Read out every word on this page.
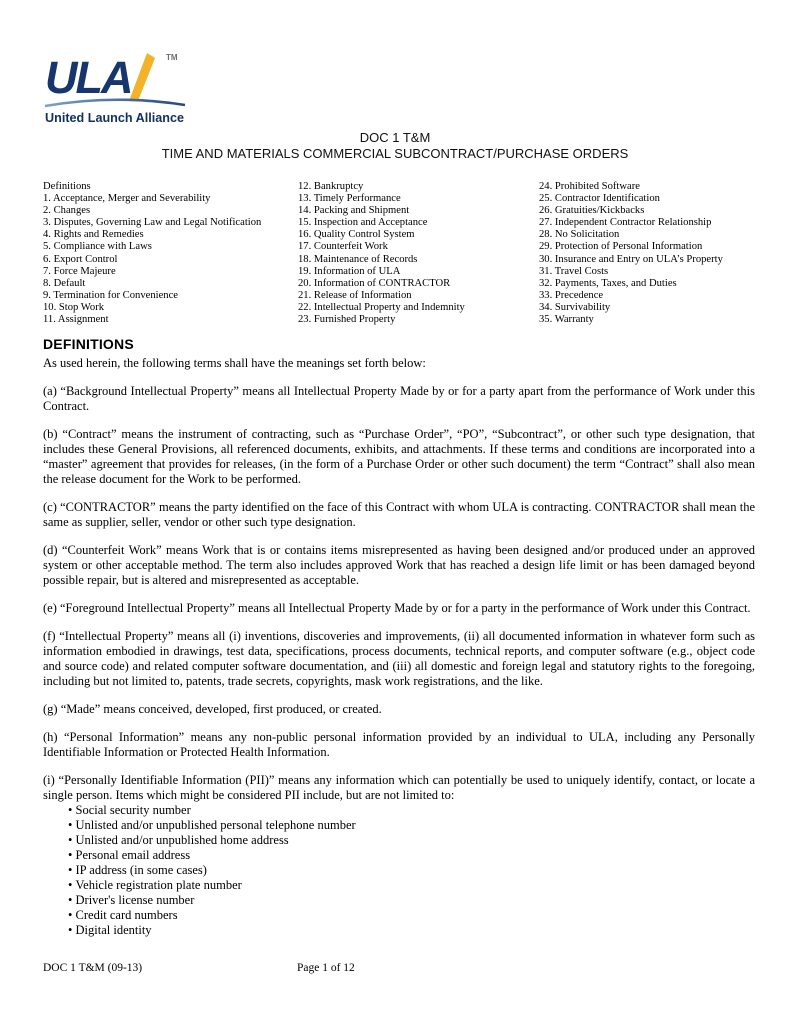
ULA	TM
United Launch Alliance
DOC 1 T&M
TIME AND MATERIALS COMMERCIAL SUBCONTRACT/PURCHASE ORDERS
Definitions
1. Acceptance, Merger and Severability
2. Changes
3. Disputes, Governing Law and Legal Notification
4. Rights and Remedies
5. Compliance with Laws
6. Export Control
7. Force Majeure
8. Default
9. Termination for Convenience
10. Stop Work
11. Assignment
12. Bankruptcy
13. Timely Performance
14. Packing and Shipment
15. Inspection and Acceptance
16. Quality Control System
17. Counterfeit Work
18. Maintenance of Records
19. Information of ULA
20. Information of CONTRACTOR
21. Release of Information
22. Intellectual Property and Indemnity
23. Furnished Property
24. Prohibited Software
25. Contractor Identification
26. Gratuities/Kickbacks
27. Independent Contractor Relationship
28. No Solicitation
29. Protection of Personal Information
30. Insurance and Entry on ULA’s Property
31. Travel Costs
32. Payments, Taxes, and Duties
33. Precedence
34. Survivability
35. Warranty
DEFINITIONS

As used herein, the following terms shall have the meanings set forth below:

(a) “Background Intellectual Property” means all Intellectual Property Made by or for a party apart from the performance of Work under this Contract.

(b) “Contract” means the instrument of contracting, such as “Purchase Order”, “PO”, “Subcontract”, or other such type designation, that includes these General Provisions, all referenced documents, exhibits, and attachments. If these terms and conditions are incorporated into a “master” agreement that provides for releases, (in the form of a Purchase Order or other such document) the term “Contract” shall also mean the release document for the Work to be performed.

(c) “CONTRACTOR” means the party identified on the face of this Contract with whom ULA is contracting. CONTRACTOR shall mean the same as supplier, seller, vendor or other such type designation.

(d) “Counterfeit Work” means Work that is or contains items misrepresented as having been designed and/or produced under an approved system or other acceptable method. The term also includes approved Work that has reached a design life limit or has been damaged beyond possible repair, but is altered and misrepresented as acceptable.

(e) “Foreground Intellectual Property” means all Intellectual Property Made by or for a party in the performance of Work under this Contract.

(f) “Intellectual Property” means all (i) inventions, discoveries and improvements, (ii) all documented information in whatever form such as information embodied in drawings, test data, specifications, process documents, technical reports, and computer software (e.g., object code and source code) and related computer software documentation, and (iii) all domestic and foreign legal and statutory rights to the foregoing, including but not limited to, patents, trade secrets, copyrights, mask work registrations, and the like.

(g) “Made” means conceived, developed, first produced, or created.

(h) “Personal Information” means any non-public personal information provided by an individual to ULA, including any Personally Identifiable Information or Protected Health Information.

(i) “Personally Identifiable Information (PII)” means any information which can potentially be used to uniquely identify, contact, or locate a single person. Items which might be considered PII include, but are not limited to:

• Social security number
• Unlisted and/or unpublished personal telephone number
• Unlisted and/or unpublished home address
• Personal email address
• IP address (in some cases)
• Vehicle registration plate number
• Driver's license number
• Credit card numbers
• Digital identity
DOC 1 T&M (09-13)	Page 1 of 12
